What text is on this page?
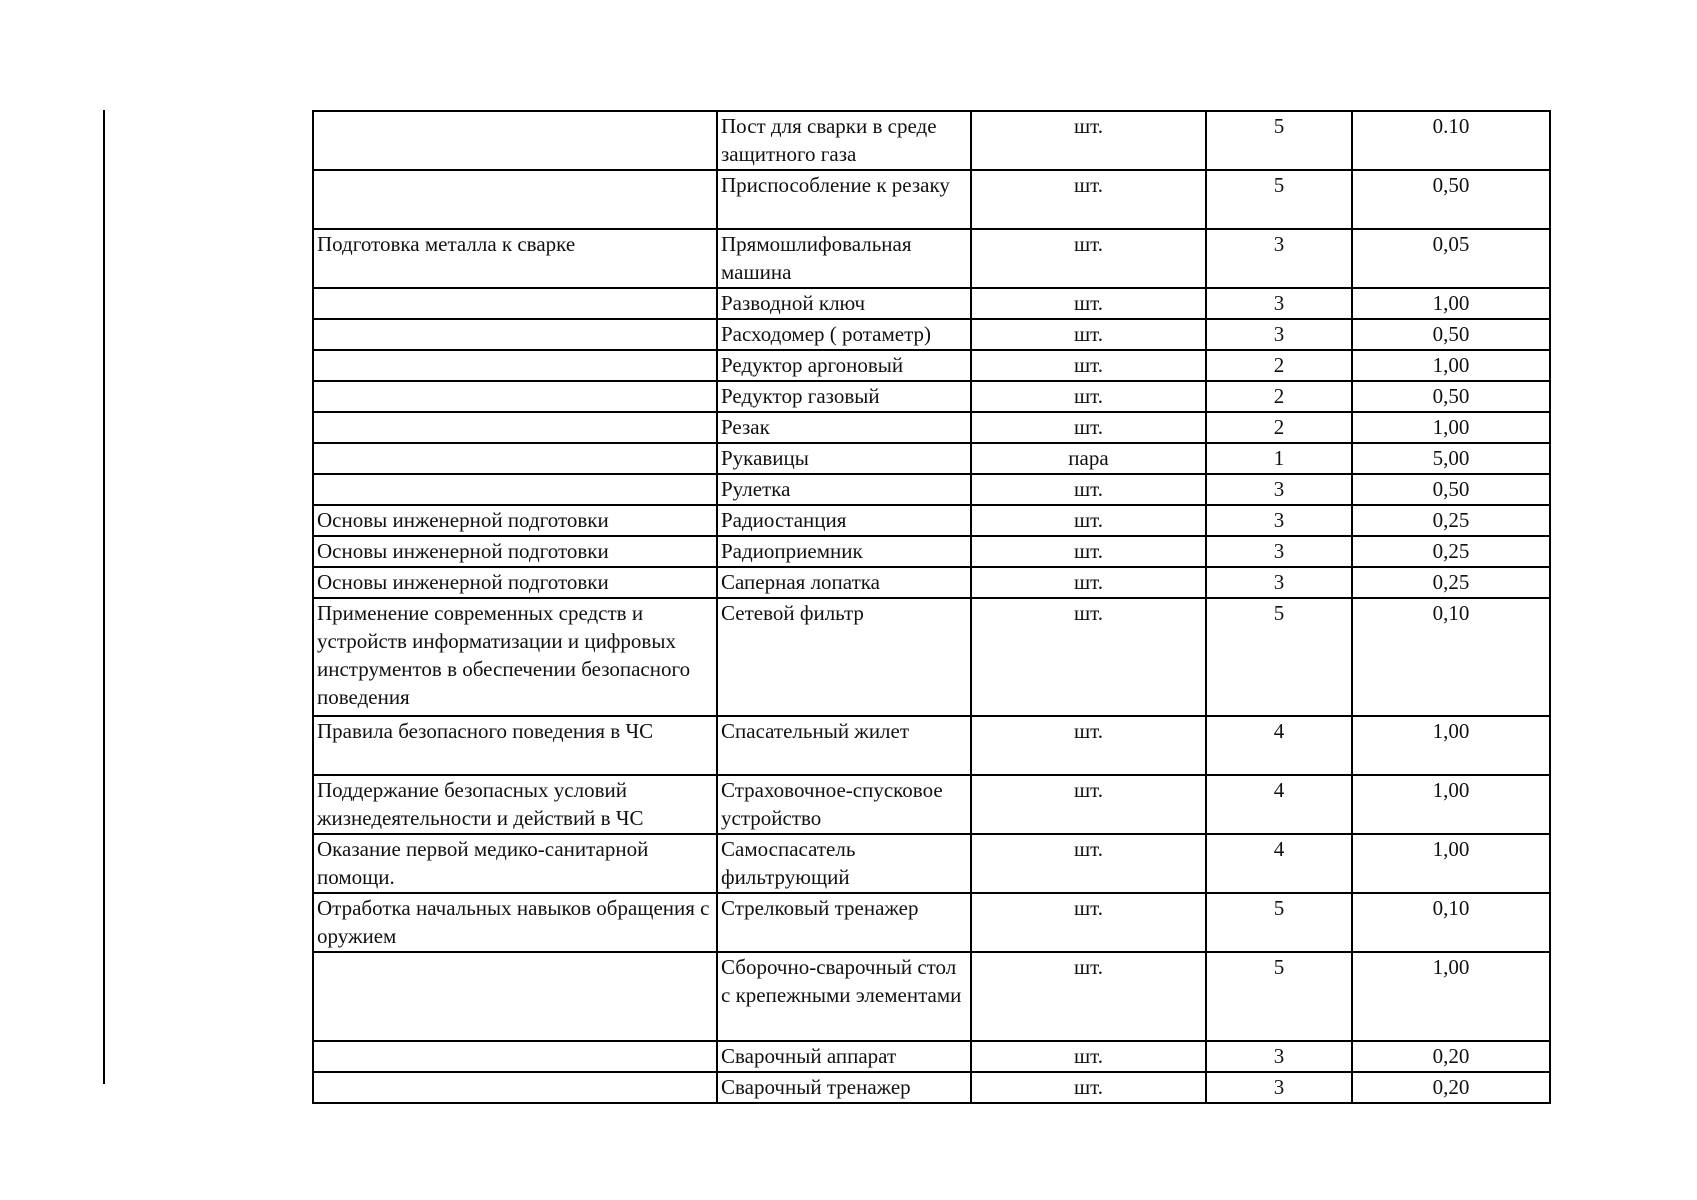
	Пост для сварки в среде защитного газа	шт.	5	0.10
	Приспособление к резаку	шт.	5	0,50
Подготовка металла к сварке	Прямошлифовальная машина	шт.	3	0,05
	Разводной ключ	шт.	3	1,00
	Расходомер ( ротаметр)	шт.	3	0,50
	Редуктор аргоновый	шт.	2	1,00
	Редуктор газовый	шт.	2	0,50
	Резак	шт.	2	1,00
	Рукавицы	пара	1	5,00
	Рулетка	шт.	3	0,50
Основы инженерной подготовки	Радиостанция	шт.	3	0,25
Основы инженерной подготовки	Радиоприемник	шт.	3	0,25
Основы инженерной подготовки	Саперная лопатка	шт.	3	0,25
Применение современных средств и устройств информатизации и цифровых инструментов в обеспечении безопасного поведения	Сетевой фильтр	шт.	5	0,10
Правила безопасного поведения в ЧС	Спасательный жилет	шт.	4	1,00
Поддержание безопасных условий жизнедеятельности и действий в ЧС	Страховочное-спусковое устройство	шт.	4	1,00
Оказание первой медико-санитарной помощи.	Самоспасатель фильтрующий	шт.	4	1,00
Отработка начальных навыков обращения с оружием	Стрелковый тренажер	шт.	5	0,10
	Сборочно-сварочный стол с крепежными элементами	шт.	5	1,00
	Сварочный аппарат	шт.	3	0,20
	Сварочный тренажер	шт.	3	0,20
